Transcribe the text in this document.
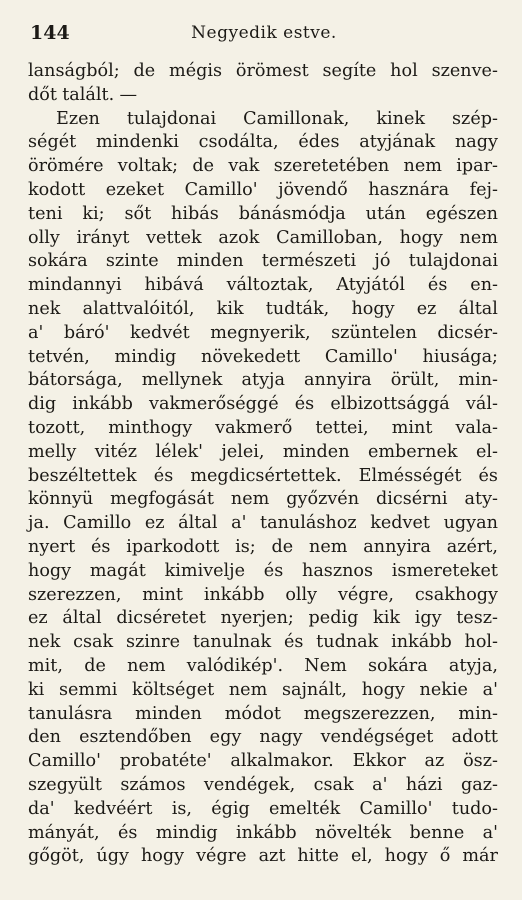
144	Negyedik estve.
lanságból; de mégis örömest segíte hol szenve-
dőt talált. —
Ezen tulajdonai Camillonak, kinek szép-
ségét mindenki csodálta, édes atyjának nagy
örömére voltak; de vak szeretetében nem ipar-
kodott ezeket Camillo' jövendő hasznára fej-
teni ki; sőt hibás bánásmódja után egészen
olly irányt vettek azok Camilloban, hogy nem
sokára szinte minden természeti jó tulajdonai
mindannyi hibává változtak, Atyjától és en-
nek alattvalóitól, kik tudták, hogy ez által
a' báró' kedvét megnyerik, szüntelen dicsér-
tetvén, mindig növekedett Camillo' hiusága;
bátorsága, mellynek atyja annyira örült, min-
dig inkább vakmerőséggé és elbizottsággá vál-
tozott, minthogy vakmerő tettei, mint vala-
melly vitéz lélek' jelei, minden embernek el-
beszéltettek és megdicsértettek. Elmésségét és
könnyü megfogását nem győzvén dicsérni aty-
ja. Camillo ez által a' tanuláshoz kedvet ugyan
nyert és iparkodott is; de nem annyira azért,
hogy magát kimivelje és hasznos ismereteket
szerezzen, mint inkább olly végre, csakhogy
ez által dicséretet nyerjen; pedig kik igy tesz-
nek csak szinre tanulnak és tudnak inkább hol-
mit, de nem valódikép'. Nem sokára atyja,
ki semmi költséget nem sajnált, hogy nekie a'
tanulásra minden módot megszerezzen, min-
den esztendőben egy nagy vendégséget adott
Camillo' probatéte' alkalmakor. Ekkor az ösz-
szegyült számos vendégek, csak a' házi gaz-
da' kedvéért is, égig emelték Camillo' tudo-
mányát, és mindig inkább növelték benne a'
gőgöt, úgy hogy végre azt hitte el, hogy ő már
